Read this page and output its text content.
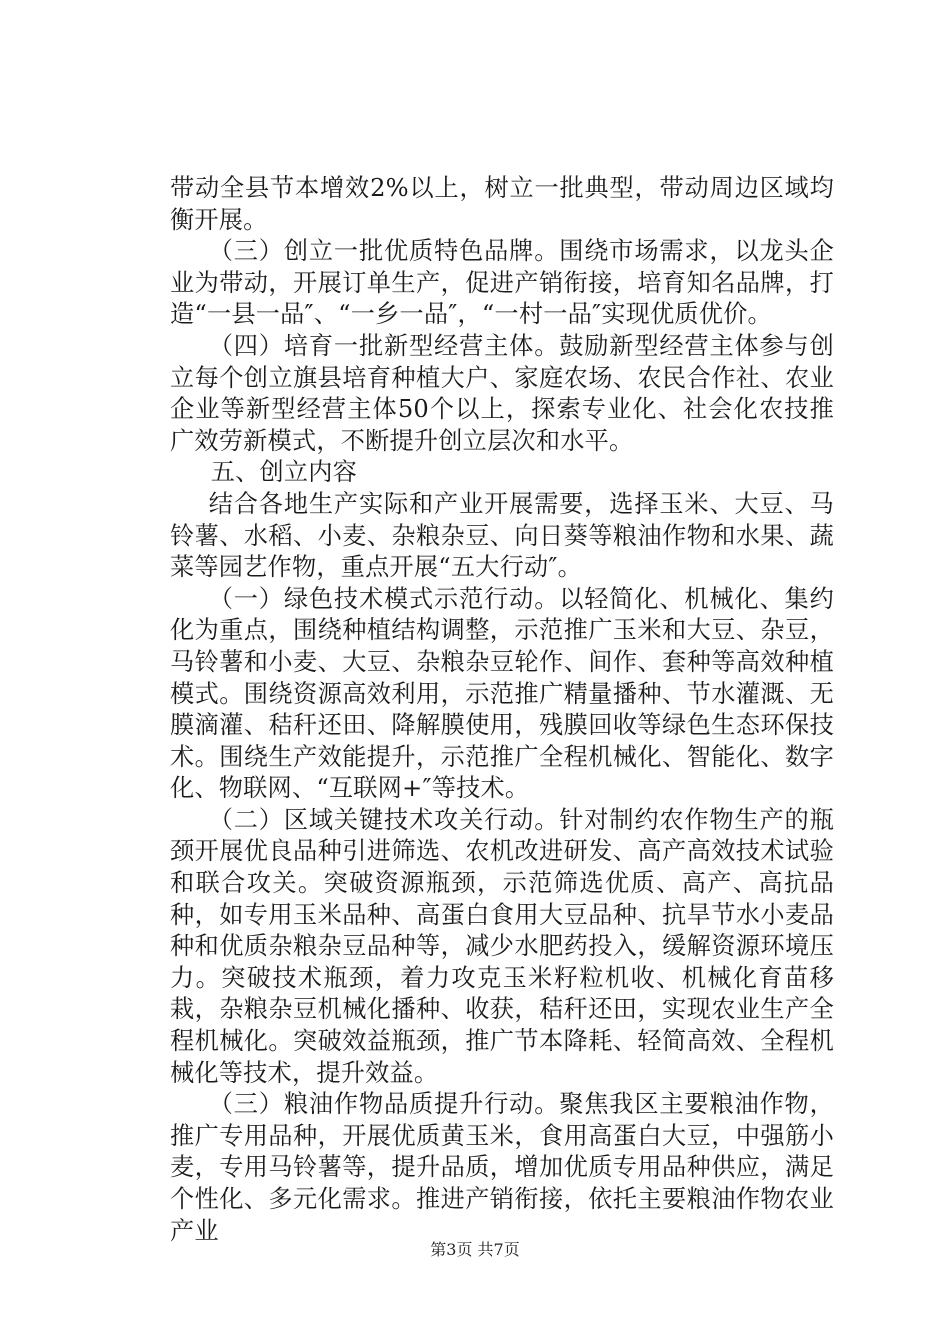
带动全县节本增效2%以上，树立一批典型，带动周边区域均衡开展。

（三）创立一批优质特色品牌。围绕市场需求，以龙头企业为带动，开展订单生产，促进产销衔接，培育知名品牌，打造“一县一品″、“一乡一品″，“一村一品″实现优质优价。

（四）培育一批新型经营主体。鼓励新型经营主体参与创立每个创立旗县培育种植大户、家庭农场、农民合作社、农业企业等新型经营主体50个以上，探索专业化、社会化农技推广效劳新模式，不断提升创立层次和水平。

五、创立内容

结合各地生产实际和产业开展需要，选择玉米、大豆、马铃薯、水稻、小麦、杂粮杂豆、向日葵等粮油作物和水果、蔬菜等园艺作物，重点开展“五大行动″。

（一）绿色技术模式示范行动。以轻简化、机械化、集约化为重点，围绕种植结构调整，示范推广玉米和大豆、杂豆，马铃薯和小麦、大豆、杂粮杂豆轮作、间作、套种等高效种植模式。围绕资源高效利用，示范推广精量播种、节水灌溉、无膜滴灌、秸秆还田、降解膜使用，残膜回收等绿色生态环保技术。围绕生产效能提升，示范推广全程机械化、智能化、数字化、物联网、“互联网+″等技术。

（二）区域关键技术攻关行动。针对制约农作物生产的瓶颈开展优良品种引进筛选、农机改进研发、高产高效技术试验和联合攻关。突破资源瓶颈，示范筛选优质、高产、高抗品种，如专用玉米品种、高蛋白食用大豆品种、抗旱节水小麦品种和优质杂粮杂豆品种等，减少水肥药投入，缓解资源环境压力。突破技术瓶颈，着力攻克玉米籽粒机收、机械化育苗移栽，杂粮杂豆机械化播种、收获，秸秆还田，实现农业生产全程机械化。突破效益瓶颈，推广节本降耗、轻简高效、全程机械化等技术，提升效益。

（三）粮油作物品质提升行动。聚焦我区主要粮油作物，推广专用品种，开展优质黄玉米，食用高蛋白大豆，中强筋小麦，专用马铃薯等，提升品质，增加优质专用品种供应，满足个性化、多元化需求。推进产销衔接，依托主要粮油作物农业产业

第3页 共7页
